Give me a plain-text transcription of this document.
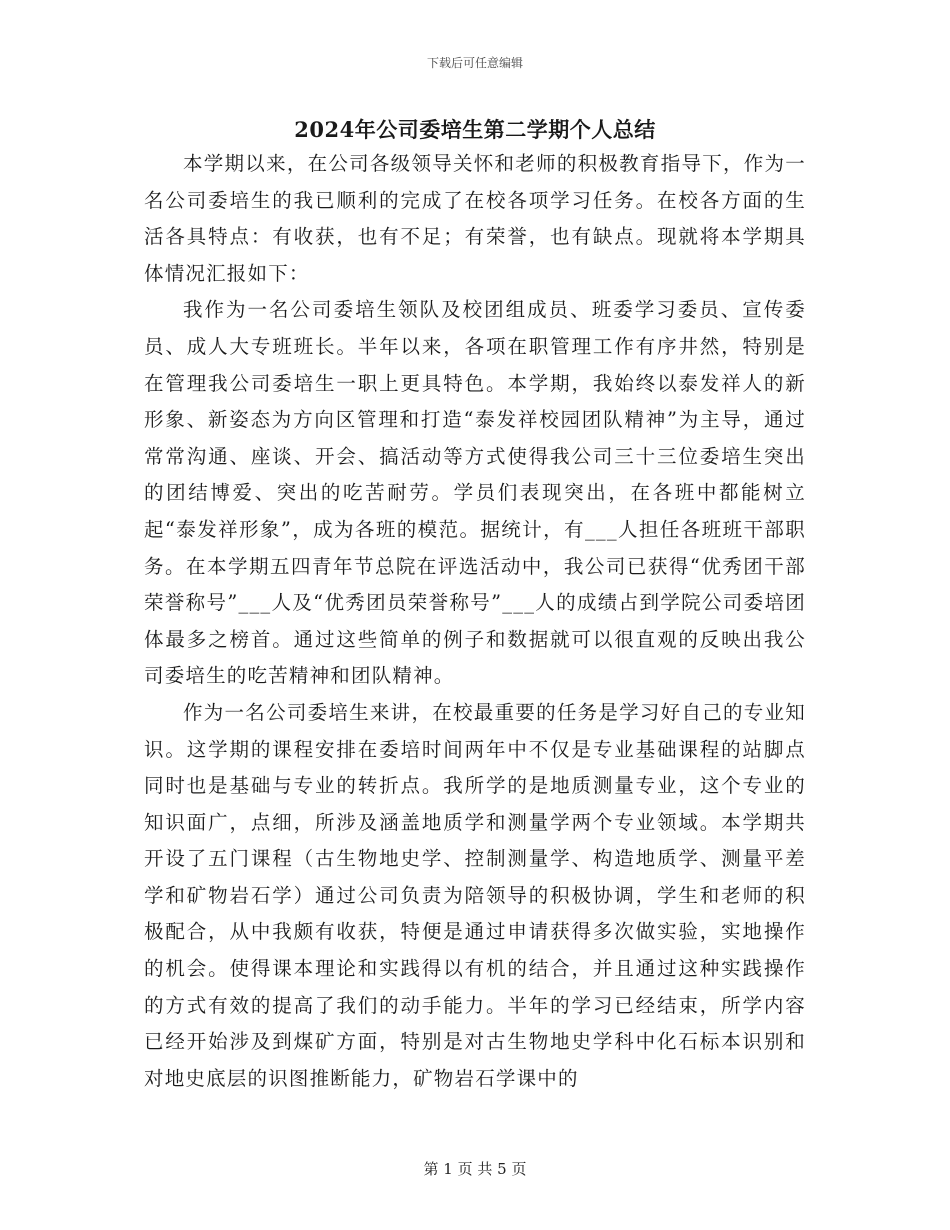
下载后可任意编辑
2024年公司委培生第二学期个人总结

本学期以来，在公司各级领导关怀和老师的积极教育指导下，作为一名公司委培生的我已顺利的完成了在校各项学习任务。在校各方面的生活各具特点：有收获，也有不足；有荣誉，也有缺点。现就将本学期具体情况汇报如下：

我作为一名公司委培生领队及校团组成员、班委学习委员、宣传委员、成人大专班班长。半年以来，各项在职管理工作有序井然，特别是在管理我公司委培生一职上更具特色。本学期，我始终以泰发祥人的新形象、新姿态为方向区管理和打造“泰发祥校园团队精神”为主导，通过常常沟通、座谈、开会、搞活动等方式使得我公司三十三位委培生突出的团结博爱、突出的吃苦耐劳。学员们表现突出，在各班中都能树立起“泰发祥形象”，成为各班的模范。据统计，有___人担任各班班干部职务。在本学期五四青年节总院在评选活动中，我公司已获得“优秀团干部荣誉称号”___人及“优秀团员荣誉称号”___人的成绩占到学院公司委培团体最多之榜首。通过这些简单的例子和数据就可以很直观的反映出我公司委培生的吃苦精神和团队精神。

作为一名公司委培生来讲，在校最重要的任务是学习好自己的专业知识。这学期的课程安排在委培时间两年中不仅是专业基础课程的站脚点同时也是基础与专业的转折点。我所学的是地质测量专业，这个专业的知识面广，点细，所涉及涵盖地质学和测量学两个专业领域。本学期共开设了五门课程（古生物地史学、控制测量学、构造地质学、测量平差学和矿物岩石学）通过公司负责为陪领导的积极协调，学生和老师的积极配合，从中我颇有收获，特便是通过申请获得多次做实验，实地操作的机会。使得课本理论和实践得以有机的结合，并且通过这种实践操作的方式有效的提高了我们的动手能力。半年的学习已经结束，所学内容已经开始涉及到煤矿方面，特别是对古生物地史学科中化石标本识别和对地史底层的识图推断能力，矿物岩石学课中的

第 1 页 共 5 页
